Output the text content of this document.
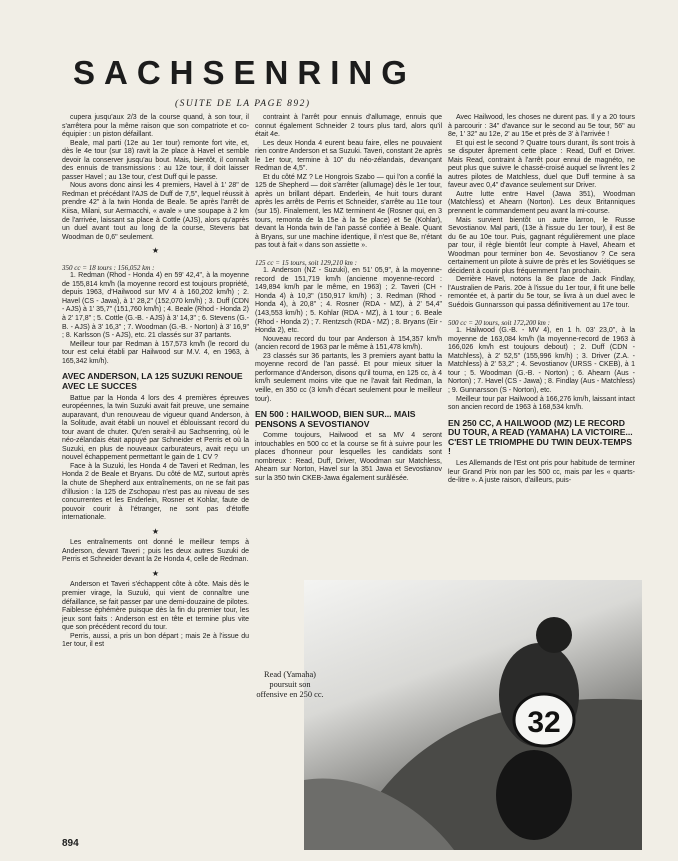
SACHSENRING
(SUITE DE LA PAGE 892)

cupera jusqu'aux 2/3 de la course quand, à son tour, il s'arrêtera pour la même raison que son compatriote et co-équipier : un piston défaillant.

Beale, mal parti (12e au 1er tour) remonte fort vite, et, dès le 4e tour (sur 18) ravit la 2e place à Havel et semble devoir la conserver jusqu'au bout. Mais, bientôt, il connaît des ennuis de transmissions : au 12e tour, il doit laisser passer Havel ; au 13e tour, c'est Duff qui le passe.

Nous avons donc ainsi les 4 premiers, Havel à 1' 28" de Redman et précédant l'AJS de Duff de 7,5", lequel réussit à prendre 42" à la twin Honda de Beale. 5e après l'arrêt de Kiisa, Milani, sur Aermacchi, « avale » une soupape à 2 km de l'arrivée, laissant sa place à Cottle (AJS), alors qu'après un duel avant tout au long de la course, Stevens bat Woodman de 0,6" seulement.

★

350 cc = 18 tours : 156,052 km :

1. Redman (Rhod - Honda 4) en 59' 42,4", à la moyenne de 155,814 km/h (la moyenne record est toujours propriété, depuis 1963, d'Hailwood sur MV 4 à 160,202 km/h) ; 2. Havel (CS - Jawa), à 1' 28,2" (152,070 km/h) ; 3. Duff (CDN - AJS) à 1' 35,7" (151,760 km/h) ; 4. Beale (Rhod - Honda 2) à 2' 17,8" ; 5. Cottle (G.-B. - AJS) à 3' 14,3" ; 6. Stevens (G.-B. - AJS) à 3' 16,3" ; 7. Woodman (G.-B. - Norton) à 3' 16,9" ; 8. Karlsson (S - AJS), etc. 21 classés sur 37 partants.

Meilleur tour par Redman à 157,573 km/h (le record du tour est celui établi par Hailwood sur M.V. 4, en 1963, à 165,342 km/h).

AVEC ANDERSON, LA 125 SUZUKI RENOUE AVEC LE SUCCES

Battue par la Honda 4 lors des 4 premières épreuves européennes, la twin Suzuki avait fait preuve, une semaine auparavant, d'un renouveau de vigueur quand Anderson, à la Solitude, avait établi un nouvel et éblouissant record du tour avant de chuter. Qu'en serait-il au Sachsenring, où le néo-zélandais était appuyé par Schneider et Perris et où la Suzuki, en plus de nouveaux carburateurs, avait reçu un nouvel échappement permettant le gain de 1 CV ?

Face à la Suzuki, les Honda 4 de Taveri et Redman, les Honda 2 de Beale et Bryans. Du côté de MZ, surtout après la chute de Shepherd aux entraînements, on ne se fait pas d'illusion : la 125 de Zschopau n'est pas au niveau de ses concurrentes et les Enderlein, Rosner et Kohlar, faute de pouvoir courir à l'étranger, ne sont pas d'étoffe internationale.

★

Les entraînements ont donné le meilleur temps à Anderson, devant Taveri ; puis les deux autres Suzuki de Perris et Schneider devant la 2e Honda 4, celle de Redman.

★

Anderson et Taveri s'échappent côte à côte. Mais dès le premier virage, la Suzuki, qui vient de connaître une défaillance, se fait passer par une demi-douzaine de pilotes. Faiblesse éphémère puisque dès la fin du premier tour, les jeux sont faits : Anderson est en tête et termine plus vite que son précédent record du tour.

Perris, aussi, a pris un bon départ ; mais 2e à l'issue du 1er tour, il est

contraint à l'arrêt pour ennuis d'allumage, ennuis que connut également Schneider 2 tours plus tard, alors qu'il était 4e.

Les deux Honda 4 eurent beau faire, elles ne pouvaient rien contre Anderson et sa Suzuki. Taveri, constant 2e après le 1er tour, termine à 10" du néo-zélandais, devançant Redman de 4,5".

Et du côté MZ ? Le Hongrois Szabo — qui l'on a confié la 125 de Shepherd — doit s'arrêter (allumage) dès le 1er tour, après un brillant départ. Enderlein, 4e huit tours durant après les arrêts de Perris et Schneider, s'arrête au 11e tour (sur 15). Finalement, les MZ terminent 4e (Rosner qui, en 3 tours, remonta de la 15e à la 5e place) et 5e (Kohlar), devant la Honda twin de l'an passé confiée à Beale. Quant à Bryans, sur une machine identique, il n'est que 8e, n'étant pas tout à fait « dans son assiette ».

125 cc = 15 tours, soit 129,210 km :

1. Anderson (NZ - Suzuki), en 51' 05,9", à la moyenne-record de 151,719 km/h (ancienne moyenne-record : 149,894 km/h par le même, en 1963) ; 2. Taveri (CH - Honda 4) à 10,3" (150,917 km/h) ; 3. Redman (Rhod - Honda 4), à 20,8" ; 4. Rosner (RDA - MZ), à 2' 54,4" (143,553 km/h) ; 5. Kohlar (RDA - MZ), à 1 tour ; 6. Beale (Rhod - Honda 2) ; 7. Rentzsch (RDA - MZ) ; 8. Bryans (Eir - Honda 2), etc.

Nouveau record du tour par Anderson à 154,357 km/h (ancien record de 1963 par le même à 151,478 km/h).

23 classés sur 36 partants, les 3 premiers ayant battu la moyenne record de l'an passé. Et pour mieux situer la performance d'Anderson, disons qu'il tourna, en 125 cc, à 4 km/h seulement moins vite que ne l'avait fait Redman, la veille, en 350 cc (3 km/h d'écart seulement pour le meilleur tour).

EN 500 : HAILWOOD, BIEN SUR... MAIS PENSONS A SEVOSTIANOV

Comme toujours, Hailwood et sa MV 4 seront intouchables en 500 cc et la course se fit à suivre pour les places d'honneur pour lesquelles les candidats sont nombreux : Read, Duff, Driver, Woodman sur Matchless, Ahearn sur Norton, Havel sur la 351 Jawa et Sevostianov sur la 350 twin CKEB-Jawa également surâlésée.

Avec Hailwood, les choses ne durent pas. Il y a 20 tours à parcourir : 34" d'avance sur le second au 5e tour, 56" au 8e, 1' 32" au 12e, 2' au 15e et près de 3' à l'arrivée !

Et qui est le second ? Quatre tours durant, ils sont trois à se disputer âprement cette place : Read, Duff et Driver. Mais Read, contraint à l'arrêt pour ennui de magnéto, ne peut plus que suivre le chassé-croisé auquel se livrent les 2 autres pilotes de Matchless, duel que Duff termine à sa faveur avec 0,4" d'avance seulement sur Driver.

Autre lutte entre Havel (Jawa 351), Woodman (Matchless) et Ahearn (Norton). Les deux Britanniques prennent le commandement peu avant la mi-course.

Mais survient bientôt un autre larron, le Russe Sevostianov. Mal parti, (13e à l'issue du 1er tour), il est 8e du 6e au 10e tour. Puis, gagnant régulièrement une place par tour, il règle bientôt leur compte à Havel, Ahearn et Woodman pour terminer bon 4e. Sevostianov ? Ce sera certainement un pilote à suivre de près et les Soviétiques se décident à courir plus fréquemment l'an prochain.

Derrière Havel, notons la 8e place de Jack Findlay, l'Australien de Paris. 20e à l'issue du 1er tour, il fit une belle remontée et, à partir du 5e tour, se livra à un duel avec le Suédois Gunnarsson qui passa définitivement au 17e tour.

500 cc = 20 tours, soit 172,200 km :

1. Hailwood (G.-B. - MV 4), en 1 h. 03' 23,0", à la moyenne de 163,084 km/h (la moyenne-record de 1963 à 166,026 km/h est toujours debout) ; 2. Duff (CDN - Matchless), à 2' 52,5" (155,996 km/h) ; 3. Driver (Z.A. - Matchless) à 2' 53,2" ; 4. Sevostianov (URSS - CKEB), à 1 tour ; 5. Woodman (G.-B. - Norton) ; 6. Ahearn (Aus - Norton) ; 7. Havel (CS - Jawa) ; 8. Findlay (Aus - Matchless) ; 9. Gunnarsson (S - Norton), etc.

Meilleur tour par Hailwood à 166,276 km/h, laissant intact son ancien record de 1963 à 168,534 km/h.

EN 250 CC, A HAILWOOD (MZ) LE RECORD DU TOUR, A READ (YAMAHA) LA VICTOIRE... C'EST LE TRIOMPHE DU TWIN DEUX-TEMPS !

Les Allemands de l'Est ont pris pour habitude de terminer leur Grand Prix non par les 500 cc, mais par les « quarts-de-litre ». A juste raison, d'ailleurs, puis-

32
Read (Yamaha) poursuit son offensive en 250 cc.
894
